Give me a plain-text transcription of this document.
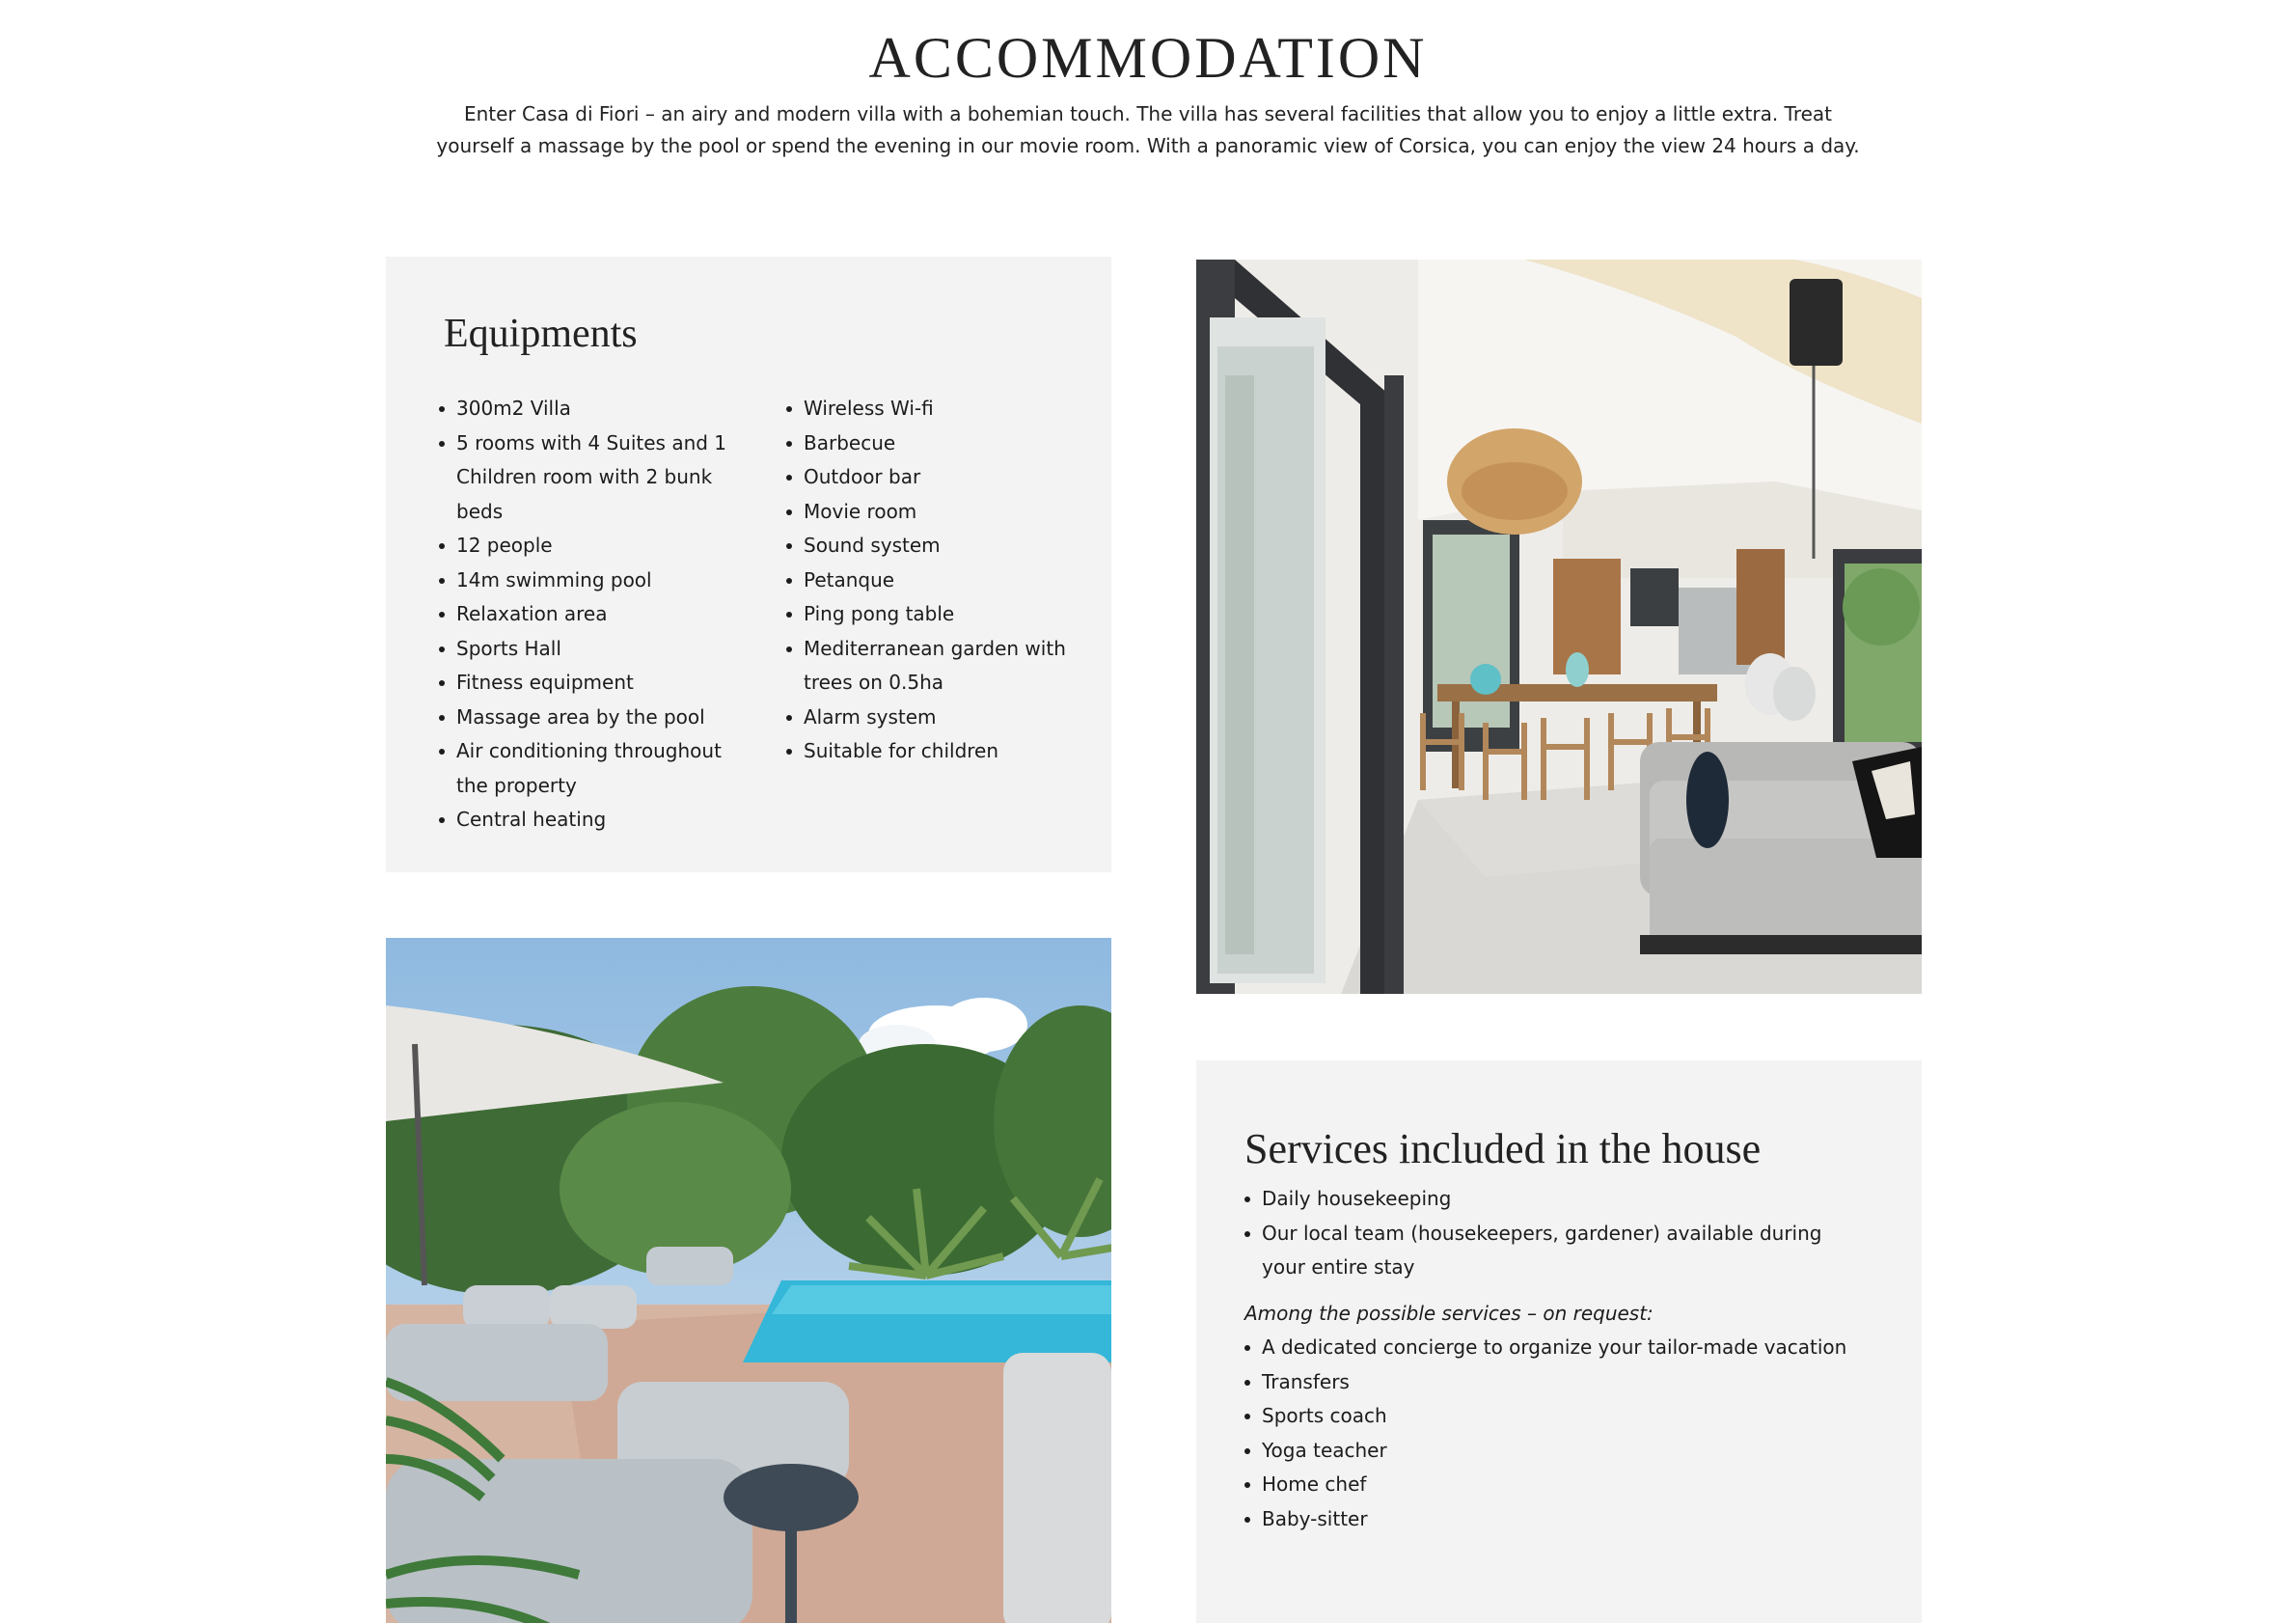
ACCOMMODATION

Enter Casa di Fiori – an airy and modern villa with a bohemian touch. The villa has several facilities that allow you to enjoy a little extra. Treat yourself a massage by the pool or spend the evening in our movie room. With a panoramic view of Corsica, you can enjoy the view 24 hours a day.

Equipments
300m2 Villa
5 rooms with 4 Suites and 1 Children room with 2 bunk beds
12 people
14m swimming pool
Relaxation area
Sports Hall
Fitness equipment
Massage area by the pool
Air conditioning throughout the property
Central heating
Wireless Wi-fi
Barbecue
Outdoor bar
Movie room
Sound system
Petanque
Ping pong table
Mediterranean garden with trees on 0.5ha
Alarm system
Suitable for children
Services included in the house
Daily housekeeping
Our local team (housekeepers, gardener) available during your entire stay

Among the possible services – on request:

A dedicated concierge to organize your tailor-made vacation
Transfers
Sports coach
Yoga teacher
Home chef
Baby-sitter
